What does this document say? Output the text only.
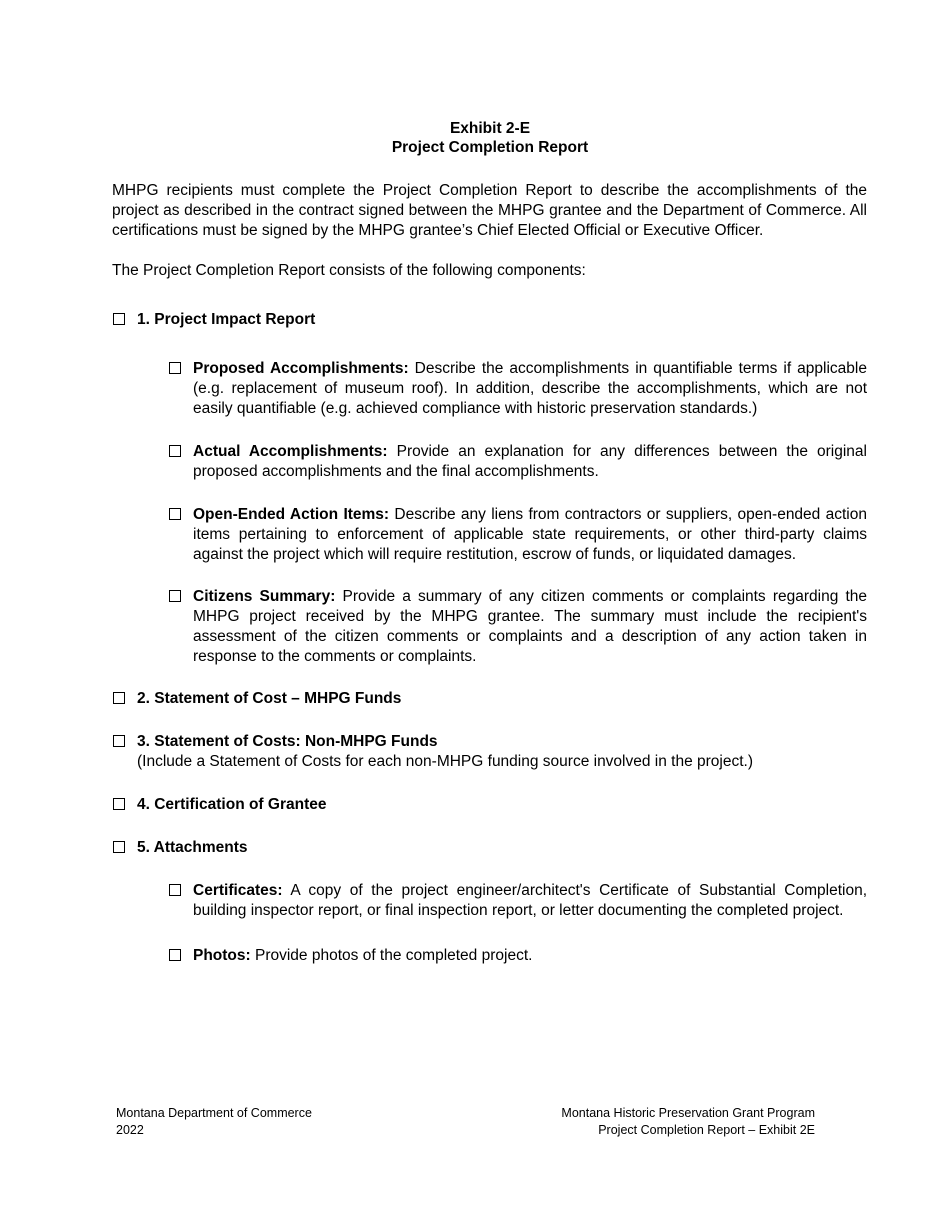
Exhibit 2-E
Project Completion Report

MHPG recipients must complete the Project Completion Report to describe the accomplishments of the project as described in the contract signed between the MHPG grantee and the Department of Commerce. All certifications must be signed by the MHPG grantee’s Chief Elected Official or Executive Officer.

The Project Completion Report consists of the following components:

1. Project Impact Report
Proposed Accomplishments: Describe the accomplishments in quantifiable terms if applicable (e.g. replacement of museum roof). In addition, describe the accomplishments, which are not easily quantifiable (e.g. achieved compliance with historic preservation standards.)
Actual Accomplishments: Provide an explanation for any differences between the original proposed accomplishments and the final accomplishments.
Open-Ended Action Items: Describe any liens from contractors or suppliers, open-ended action items pertaining to enforcement of applicable state requirements, or other third-party claims against the project which will require restitution, escrow of funds, or liquidated damages.
Citizens Summary: Provide a summary of any citizen comments or complaints regarding the MHPG project received by the MHPG grantee. The summary must include the recipient's assessment of the citizen comments or complaints and a description of any action taken in response to the comments or complaints.
2. Statement of Cost – MHPG Funds
3. Statement of Costs: Non-MHPG Funds
(Include a Statement of Costs for each non-MHPG funding source involved in the project.)
4. Certification of Grantee
5. Attachments
Certificates: A copy of the project engineer/architect's Certificate of Substantial Completion, building inspector report, or final inspection report, or letter documenting the completed project.
Photos: Provide photos of the completed project.
Montana Department of Commerce
2022
Montana Historic Preservation Grant Program
Project Completion Report – Exhibit 2E
